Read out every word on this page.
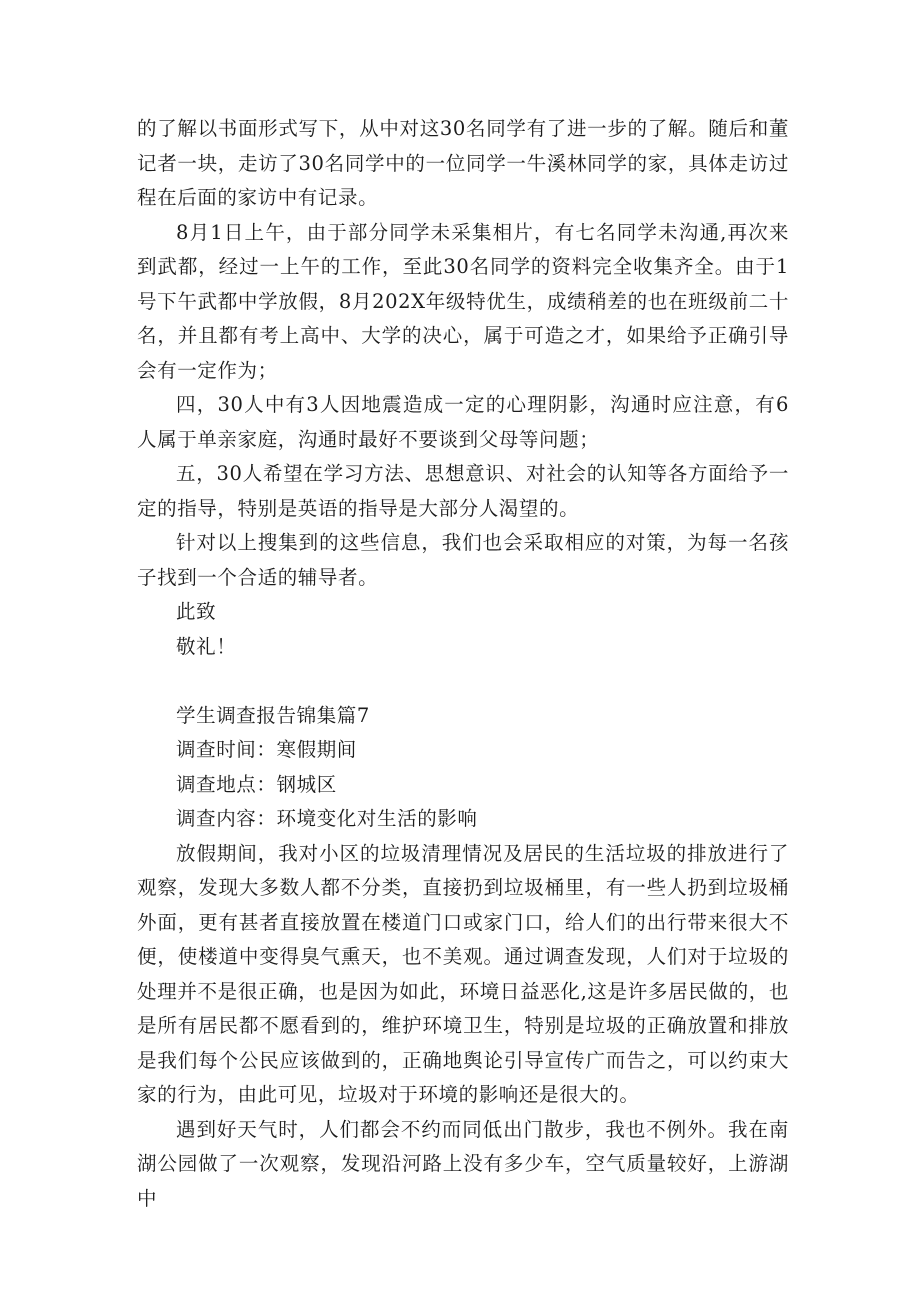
的了解以书面形式写下，从中对这30名同学有了进一步的了解。随后和董记者一块，走访了30名同学中的一位同学一牛溪林同学的家，具体走访过程在后面的家访中有记录。

8月1日上午，由于部分同学未采集相片，有七名同学未沟通,再次来到武都，经过一上午的工作，至此30名同学的资料完全收集齐全。由于1号下午武都中学放假，8月202X年级特优生，成绩稍差的也在班级前二十名，并且都有考上高中、大学的决心，属于可造之才，如果给予正确引导会有一定作为；

四，30人中有3人因地震造成一定的心理阴影，沟通时应注意，有6人属于单亲家庭，沟通时最好不要谈到父母等问题；

五，30人希望在学习方法、思想意识、对社会的认知等各方面给予一定的指导，特别是英语的指导是大部分人渴望的。

针对以上搜集到的这些信息，我们也会采取相应的对策，为每一名孩子找到一个合适的辅导者。

此致

敬礼！

学生调查报告锦集篇7

调查时间：寒假期间

调查地点：钢城区

调查内容：环境变化对生活的影响

放假期间，我对小区的垃圾清理情况及居民的生活垃圾的排放进行了观察，发现大多数人都不分类，直接扔到垃圾桶里，有一些人扔到垃圾桶外面，更有甚者直接放置在楼道门口或家门口，给人们的出行带来很大不便，使楼道中变得臭气熏天，也不美观。通过调查发现，人们对于垃圾的处理并不是很正确，也是因为如此，环境日益恶化,这是许多居民做的，也是所有居民都不愿看到的，维护环境卫生，特别是垃圾的正确放置和排放是我们每个公民应该做到的，正确地舆论引导宣传广而告之，可以约束大家的行为，由此可见，垃圾对于环境的影响还是很大的。

遇到好天气时，人们都会不约而同低出门散步，我也不例外。我在南湖公园做了一次观察，发现沿河路上没有多少车，空气质量较好，上游湖中
